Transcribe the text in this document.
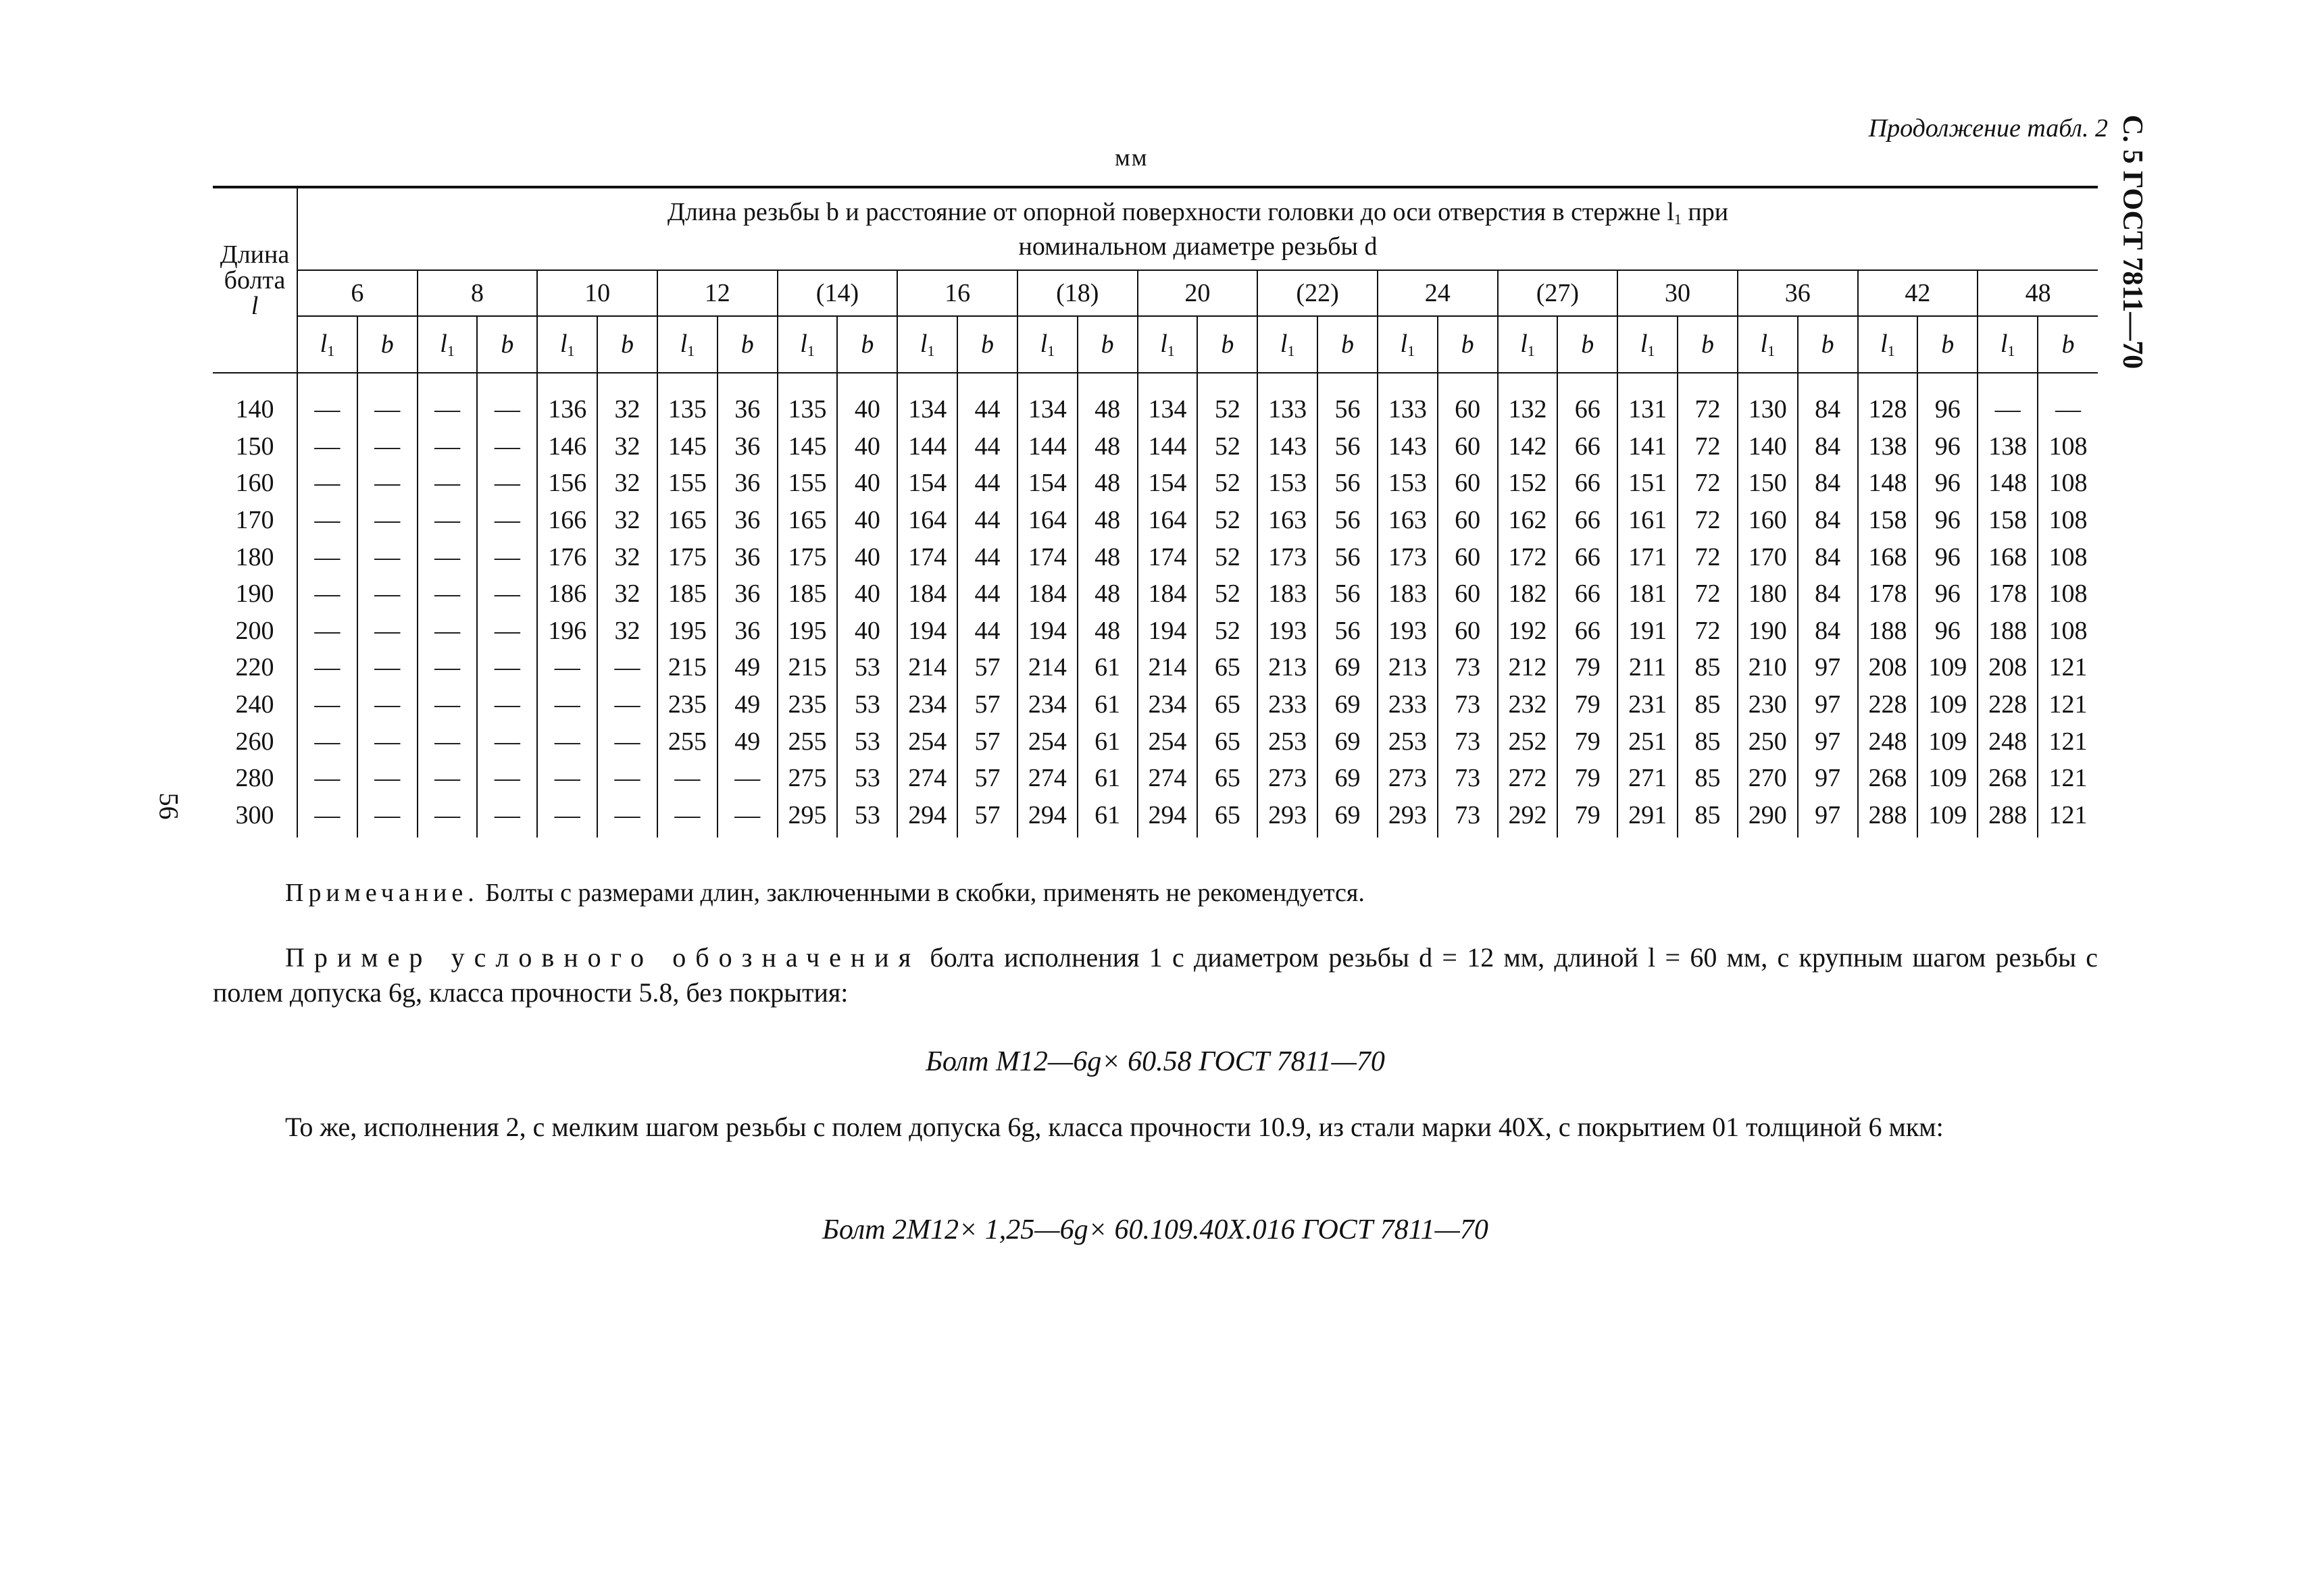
Продолжение табл. 2 С. 5 ГОСТ 7811—70
56
мм
Длина
болта
l	Длина резьбы b и расстояние от опорной поверхности головки до оси отверстия в стержне $l_1$ при
номинальном диаметре резьбы d																													
	6		8		10		12		(14)		16		(18)		20		(22)		24		(27)		30		36		42		48	
	$l_1$	b	$l_1$	b	$l_1$	b	$l_1$	b	$l_1$	b	$l_1$	b	$l_1$	b	$l_1$	b	$l_1$	b	$l_1$	b	$l_1$	b	$l_1$	b	$l_1$	b	$l_1$	b	$l_1$	b
140	—	—	—	—	136	32	135	36	135	40	134	44	134	48	134	52	133	56	133	60	132	66	131	72	130	84	128	96	—	—
150	—	—	—	—	146	32	145	36	145	40	144	44	144	48	144	52	143	56	143	60	142	66	141	72	140	84	138	96	138	108
160	—	—	—	—	156	32	155	36	155	40	154	44	154	48	154	52	153	56	153	60	152	66	151	72	150	84	148	96	148	108
170	—	—	—	—	166	32	165	36	165	40	164	44	164	48	164	52	163	56	163	60	162	66	161	72	160	84	158	96	158	108
180	—	—	—	—	176	32	175	36	175	40	174	44	174	48	174	52	173	56	173	60	172	66	171	72	170	84	168	96	168	108
190	—	—	—	—	186	32	185	36	185	40	184	44	184	48	184	52	183	56	183	60	182	66	181	72	180	84	178	96	178	108
200	—	—	—	—	196	32	195	36	195	40	194	44	194	48	194	52	193	56	193	60	192	66	191	72	190	84	188	96	188	108
220	—	—	—	—	—	—	215	49	215	53	214	57	214	61	214	65	213	69	213	73	212	79	211	85	210	97	208	109	208	121
240	—	—	—	—	—	—	235	49	235	53	234	57	234	61	234	65	233	69	233	73	232	79	231	85	230	97	228	109	228	121
260	—	—	—	—	—	—	255	49	255	53	254	57	254	61	254	65	253	69	253	73	252	79	251	85	250	97	248	109	248	121
280	—	—	—	—	—	—	—	—	275	53	274	57	274	61	274	65	273	69	273	73	272	79	271	85	270	97	268	109	268	121
300	—	—	—	—	—	—	—	—	295	53	294	57	294	61	294	65	293	69	293	73	292	79	291	85	290	97	288	109	288	121
Примечание. Болты с размерами длин, заключенными в скобки, применять не рекомендуется.
Пример условного обозначения болта исполнения 1 с диаметром резьбы d = 12 мм, длиной l = 60 мм, с крупным шагом резьбы с полем допуска 6g, класса прочности 5.8, без покрытия:
Болт М12—6g× 60.58 ГОСТ 7811—70
То же, исполнения 2, с мелким шагом резьбы с полем допуска 6g, класса прочности 10.9, из стали марки 40Х, с покрытием 01 толщиной 6 мкм:
Болт 2М12× 1,25—6g× 60.109.40Х.016 ГОСТ 7811—70
